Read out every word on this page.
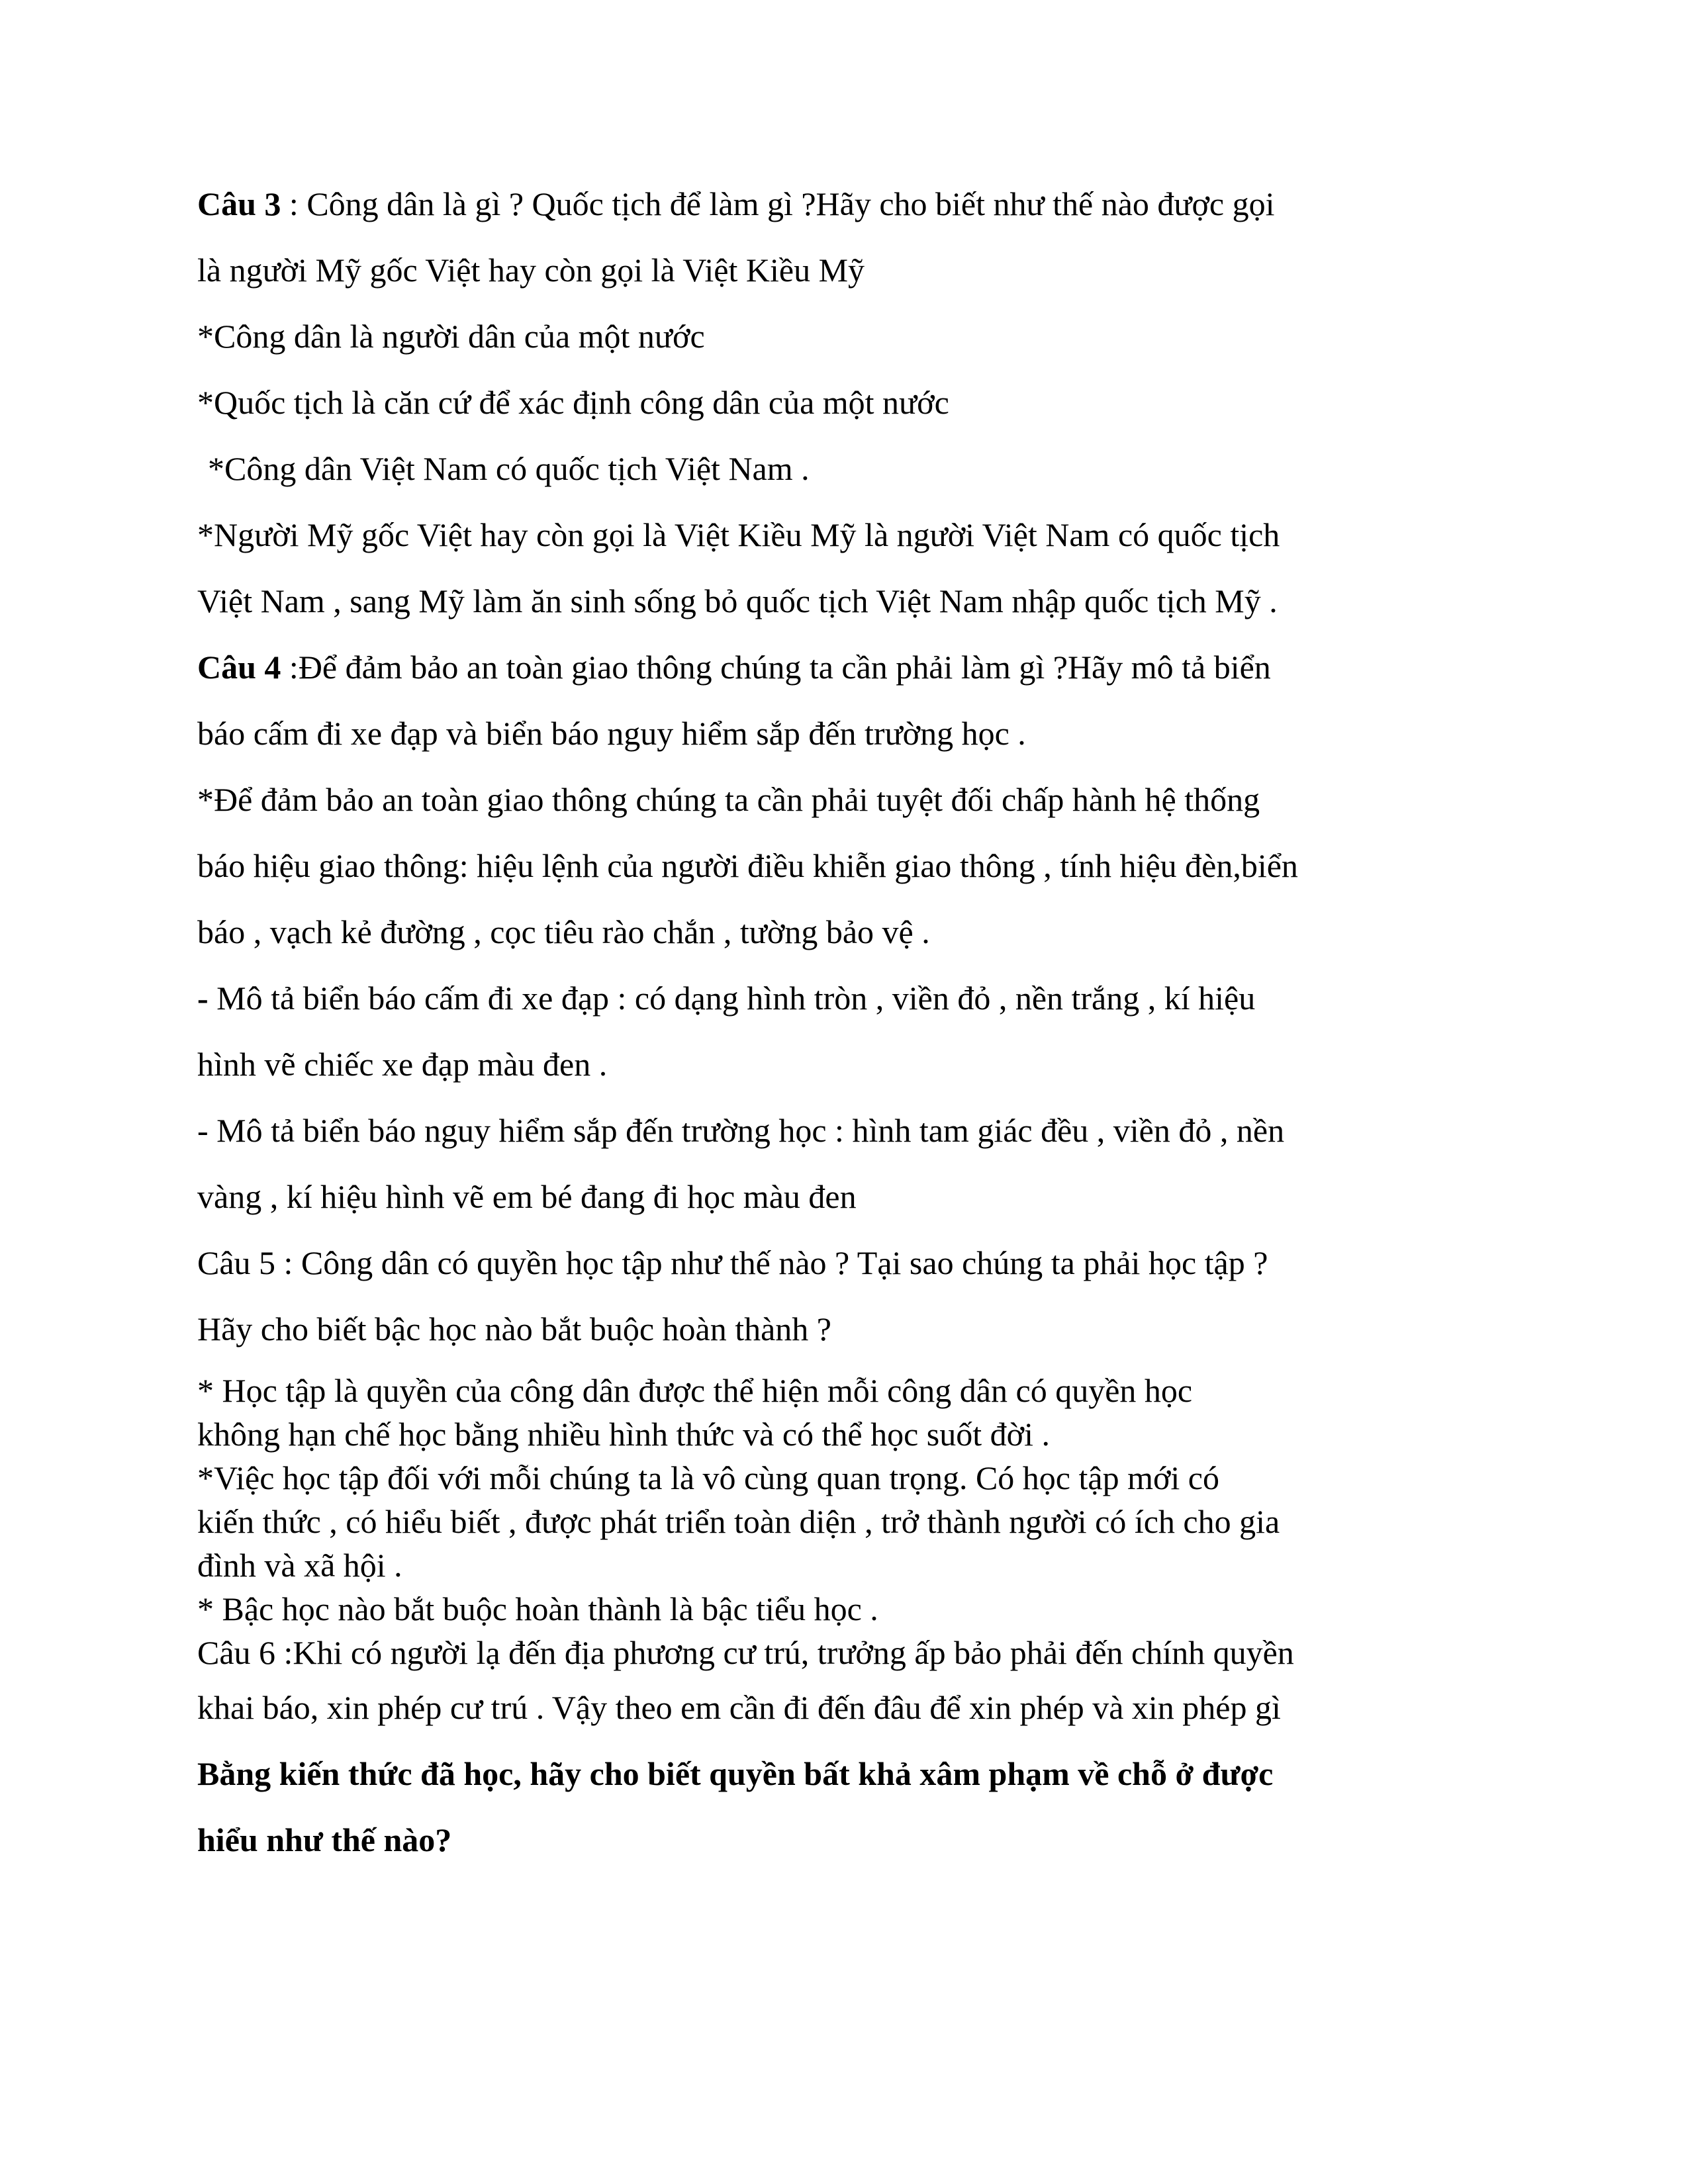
Câu 3 : Công dân là gì ? Quốc tịch để làm gì ?Hãy cho biết như thế nào được gọi

là người Mỹ gốc Việt hay còn gọi là Việt Kiều Mỹ

*Công dân là người dân của một nước

*Quốc tịch là căn cứ để xác định công dân của một nước

*Công dân Việt Nam có quốc tịch Việt Nam .

*Người Mỹ gốc Việt hay còn gọi là Việt Kiều Mỹ là người Việt Nam có quốc tịch

Việt Nam , sang Mỹ làm ăn sinh sống bỏ quốc tịch Việt Nam nhập quốc tịch Mỹ .

Câu 4 :Để đảm bảo an toàn giao thông chúng ta cần phải làm gì ?Hãy mô tả biển

báo cấm đi xe đạp và biển báo nguy hiểm sắp đến trường học .

*Để đảm bảo an toàn giao thông chúng ta cần phải tuyệt đối chấp hành hệ thống

báo hiệu giao thông: hiệu lệnh của người điều khiễn giao thông , tính hiệu đèn,biển

báo , vạch kẻ đường , cọc tiêu rào chắn , tường bảo vệ .

- Mô tả biển báo cấm đi xe đạp : có dạng hình tròn , viền đỏ , nền trắng , kí hiệu

hình vẽ chiếc xe đạp màu đen .

- Mô tả biển báo nguy hiểm sắp đến trường học : hình tam giác đều , viền đỏ , nền

vàng , kí hiệu hình vẽ em bé đang đi học màu đen

Câu 5 : Công dân có quyền học tập như thế nào ? Tại sao chúng ta phải học tập ?

Hãy cho biết bậc học nào bắt buộc hoàn thành ?

* Học tập là quyền của công dân được thể hiện mỗi công dân có quyền học

không hạn chế học bằng nhiều hình thức và có thể học suốt đời .

*Việc học tập đối với mỗi chúng ta là vô cùng quan trọng. Có học tập mới có

kiến thức , có hiểu biết , được phát triển toàn diện , trở thành người có ích cho gia

đình và xã hội .

* Bậc học nào bắt buộc hoàn thành là bậc tiểu học .

Câu 6 :Khi có người lạ đến địa phương cư trú, trưởng ấp bảo phải đến chính quyền

khai báo, xin phép cư trú . Vậy theo em cần đi đến đâu để xin phép và xin phép gì

Bằng kiến thức đã học, hãy cho biết quyền bất khả xâm phạm về chỗ ở được

hiểu như thế nào?
